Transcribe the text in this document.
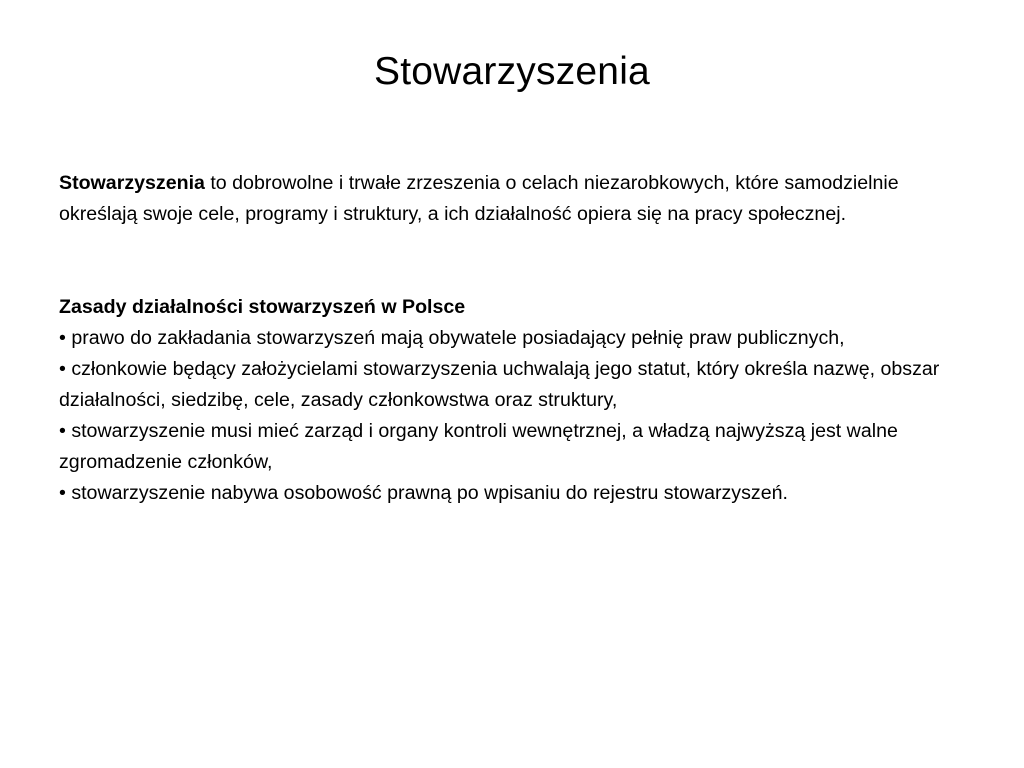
Stowarzyszenia

Stowarzyszenia to dobrowolne i trwałe zrzeszenia o celach niezarobkowych, które samodzielnie określają swoje cele, programy i struktury, a ich działalność opiera się na pracy społecznej.

Zasady działalności stowarzyszeń w Polsce

• prawo do zakładania stowarzyszeń mają obywatele posiadający pełnię praw publicznych,

• członkowie będący założycielami stowarzyszenia uchwalają jego statut, który określa nazwę, obszar działalności, siedzibę, cele, zasady członkowstwa oraz struktury,

• stowarzyszenie musi mieć zarząd i organy kontroli wewnętrznej, a władzą najwyższą jest walne zgromadzenie członków,

• stowarzyszenie nabywa osobowość prawną po wpisaniu do rejestru stowarzyszeń.
